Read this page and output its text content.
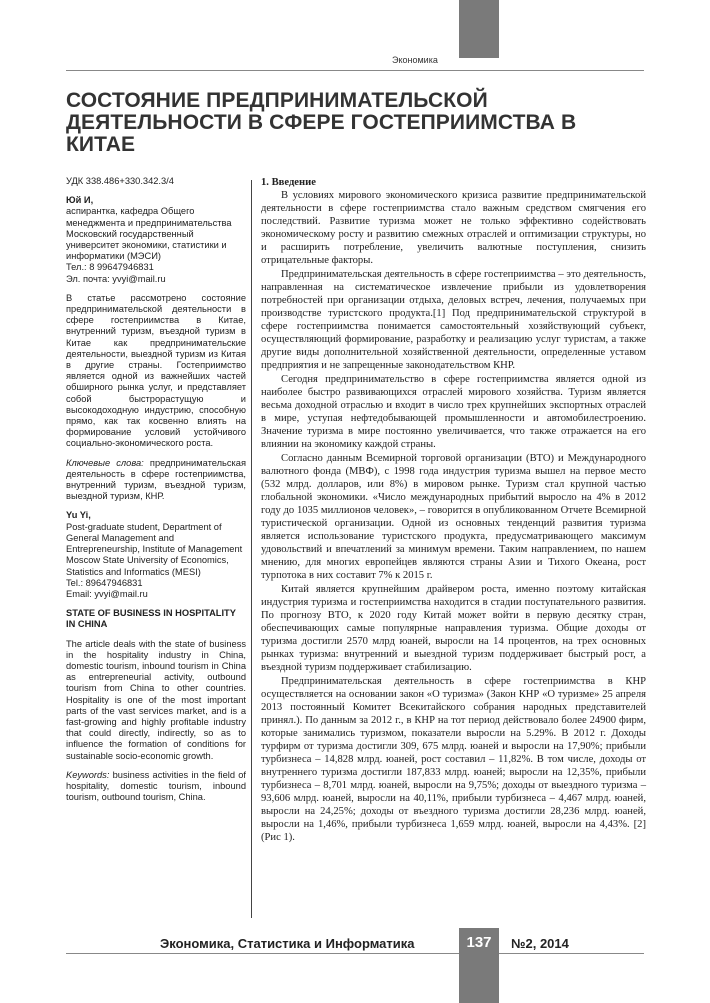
Экономика
СОСТОЯНИЕ ПРЕДПРИНИМАТЕЛЬСКОЙ ДЕЯТЕЛЬНОСТИ В СФЕРЕ ГОСТЕПРИИМСТВА В КИТАЕ

УДК 338.486+330.342.3/4

Юй И,

аспирантка, кафедра Общего менеджмента и предпринимательства Московский государственный университет экономики, статистики и информатики (МЭСИ)

Тел.: 8 99647946831

Эл. почта: yvyi@mail.ru

В статье рассмотрено состояние предпринимательской деятельности в сфере гостеприимства в Китае, внутренний туризм, въездной туризм в Китае как предпринимательские деятельности, выездной туризм из Китая в другие страны. Гостеприимство является одной из важнейших частей обширного рынка услуг, и представляет собой быстрорастущую и высокодоходную индустрию, способную прямо, как так косвенно влиять на формирование условий устойчивого социально-экономического роста.

Ключевые слова: предпринимательская деятельность в сфере гостеприимства, внутренний туризм, въездной туризм, выездной туризм, КНР.

Yu Yi,

Post-graduate student, Department of General Management and Entrepreneurship, Institute of Management Moscow State University of Economics, Statistics and Informatics (MESI)

Tel.: 89647946831

Email: yvyi@mail.ru

STATE OF BUSINESS IN HOSPITALITY IN CHINA

The article deals with the state of business in the hospitality industry in China, domestic tourism, inbound tourism in China as entrepreneurial activity, outbound tourism from China to other countries. Hospitality is one of the most important parts of the vast services market, and is a fast-growing and highly profitable industry that could directly, indirectly, so as to influence the formation of conditions for sustainable socio-economic growth.

Keywords: business activities in the field of hospitality, domestic tourism, inbound tourism, outbound tourism, China.

1. Введение

В условиях мирового экономического кризиса развитие предпринимательской деятельности в сфере гостеприимства стало важным средством смягчения его последствий. Развитие туризма может не только эффективно содействовать экономическому росту и развитию смежных отраслей и оптимизации структуры, но и расширить потребление, увеличить валютные поступления, снизить отрицательные факторы.

Предпринимательская деятельность в сфере гостеприимства – это деятельность, направленная на систематическое извлечение прибыли из удовлетворения потребностей при организации отдыха, деловых встреч, лечения, получаемых при производстве туристского продукта.[1] Под предпринимательской структурой в сфере гостеприимства понимается самостоятельный хозяйствующий субъект, осуществляющий формирование, разработку и реализацию услуг туристам, а также другие виды дополнительной хозяйственной деятельности, определенные уставом предприятия и не запрещенные законодательством КНР.

Сегодня предпринимательство в сфере гостеприимства является одной из наиболее быстро развивающихся отраслей мирового хозяйства. Туризм является весьма доходной отраслью и входит в число трех крупнейших экспортных отраслей в мире, уступая нефтедобывающей промышленности и автомобилестроению. Значение туризма в мире постоянно увеличивается, что также отражается на его влиянии на экономику каждой страны.

Согласно данным Всемирной торговой организации (ВТО) и Международного валютного фонда (МВФ), с 1998 года индустрия туризма вышел на первое место (532 млрд. долларов, или 8%) в мировом рынке. Туризм стал крупной частью глобальной экономики. «Число международных прибытий выросло на 4% в 2012 году до 1035 миллионов человек», – говорится в опубликованном Отчете Всемирной туристической организации. Одной из основных тенденций развития туризма является использование туристского продукта, предусматривающего максимум удовольствий и впечатлений за минимум времени. Таким направлением, по нашем мнению, для многих европейцев являются страны Азии и Тихого Океана, рост турпотока в них составит 7% к 2015 г.

Китай является крупнейшим драйвером роста, именно поэтому китайская индустрия туризма и гостеприимства находится в стадии поступательного развития. По прогнозу ВТО, к 2020 году Китай может войти в первую десятку стран, обеспечивающих самые популярные направления туризма. Общие доходы от туризма достигли 2570 млрд юаней, выросли на 14 процентов, на трех основных рынках туризма: внутренний и выездной туризм поддерживает быстрый рост, а въездной туризм поддерживает стабилизацию.

Предпринимательская деятельность в сфере гостеприимства в КНР осуществляется на основании закон «О туризма» (Закон КНР «О туризме» 25 апреля 2013 постоянный Комитет Всекитайского собрания народных представителей принял.). По данным за 2012 г., в КНР на тот период действовало более 24900 фирм, которые занимались туризмом, показатели выросли на 5.29%. В 2012 г. Доходы турфирм от туризма достигли 309, 675 млрд. юаней и выросли на 17,90%; прибыли турбизнеса – 14,828 млрд. юаней, рост составил – 11,82%. В том числе, доходы от внутреннего туризма достигли 187,833 млрд. юаней; выросли на 12,35%, прибыли турбизнеса – 8,701 млрд. юаней, выросли на 9,75%; доходы от выездного туризма – 93,606 млрд. юаней, выросли на 40,11%, прибыли турбизнеса – 4,467 млрд. юаней, выросли на 24,25%; доходы от въездного туризма достигли 28,236 млрд. юаней, выросли на 1,46%, прибыли турбизнеса 1,659 млрд. юаней, выросли на 4,43%. [2] (Рис 1).

Экономика, Статистика и Информатика	137	№2, 2014
